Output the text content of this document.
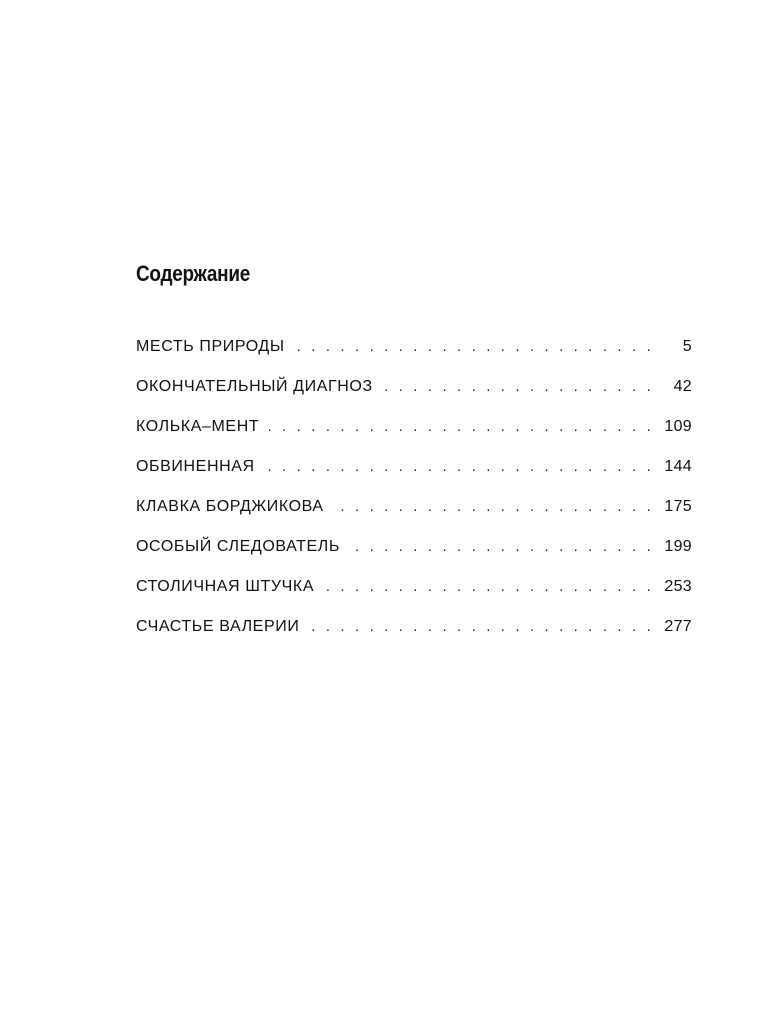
Содержание
МЕСТЬ ПРИРОДЫ . . .	5
ОКОНЧАТЕЛЬНЫЙ ДИАГНОЗ . . .	42
КОЛЬКА–МЕНТ . . .	109
ОБВИНЕННАЯ . . .	144
КЛАВКА БОРДЖИКОВА . . .	175
ОСОБЫЙ СЛЕДОВАТЕЛЬ . . .	199
СТОЛИЧНАЯ ШТУЧКА . . .	253
СЧАСТЬЕ ВАЛЕРИИ . . .	277
